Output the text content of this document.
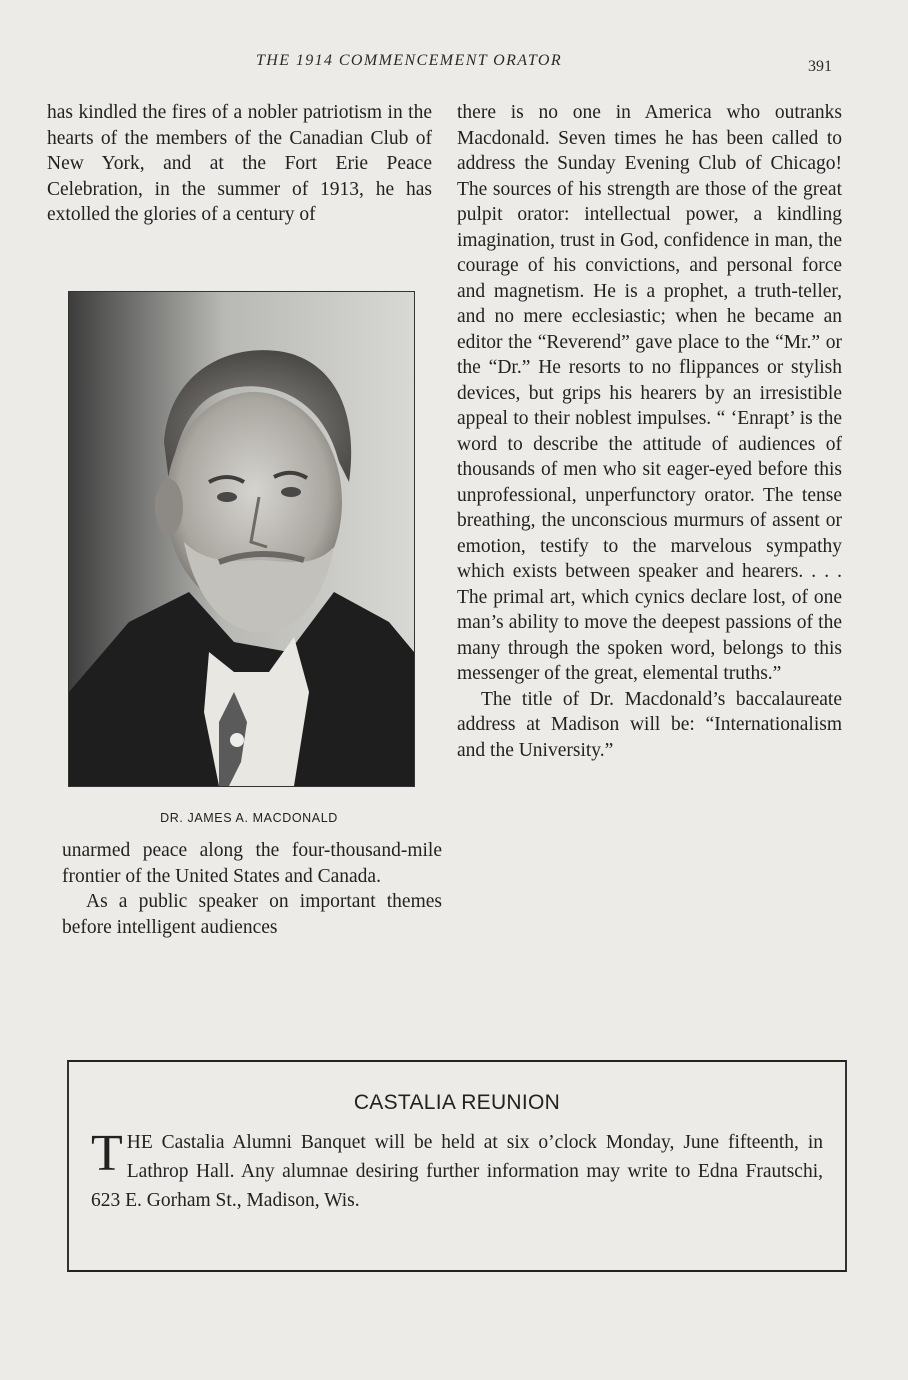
THE 1914 COMMENCEMENT ORATOR	391

has kindled the fires of a nobler patriotism in the hearts of the members of the Canadian Club of New York, and at the Fort Erie Peace Celebration, in the summer of 1913, he has extolled the glories of a century of

DR. JAMES A. MACDONALD

unarmed peace along the four-thousand-mile frontier of the United States and Canada.

As a public speaker on important themes before intelligent audiences

there is no one in America who outranks Macdonald. Seven times he has been called to address the Sunday Evening Club of Chicago! The sources of his strength are those of the great pulpit orator: intellectual power, a kindling imagination, trust in God, confidence in man, the courage of his convictions, and personal force and magnetism. He is a prophet, a truth-teller, and no mere ecclesiastic; when he became an editor the “Reverend” gave place to the “Mr.” or the “Dr.” He resorts to no flippances or stylish devices, but grips his hearers by an irresistible appeal to their noblest impulses. “ ‘Enrapt’ is the word to describe the attitude of audiences of thousands of men who sit eager-eyed before this unprofessional, unperfunctory orator. The tense breathing, the unconscious murmurs of assent or emotion, testify to the marvelous sympathy which exists between speaker and hearers. . . . The primal art, which cynics declare lost, of one man’s ability to move the deepest passions of the many through the spoken word, belongs to this messenger of the great, elemental truths.”

The title of Dr. Macdonald’s baccalaureate address at Madison will be: “Internationalism and the University.”

CASTALIA REUNION
THE Castalia Alumni Banquet will be held at six o’clock Monday, June fifteenth, in Lathrop Hall. Any alumnae desiring further information may write to Edna Frautschi, 623 E. Gorham St., Madison, Wis.
